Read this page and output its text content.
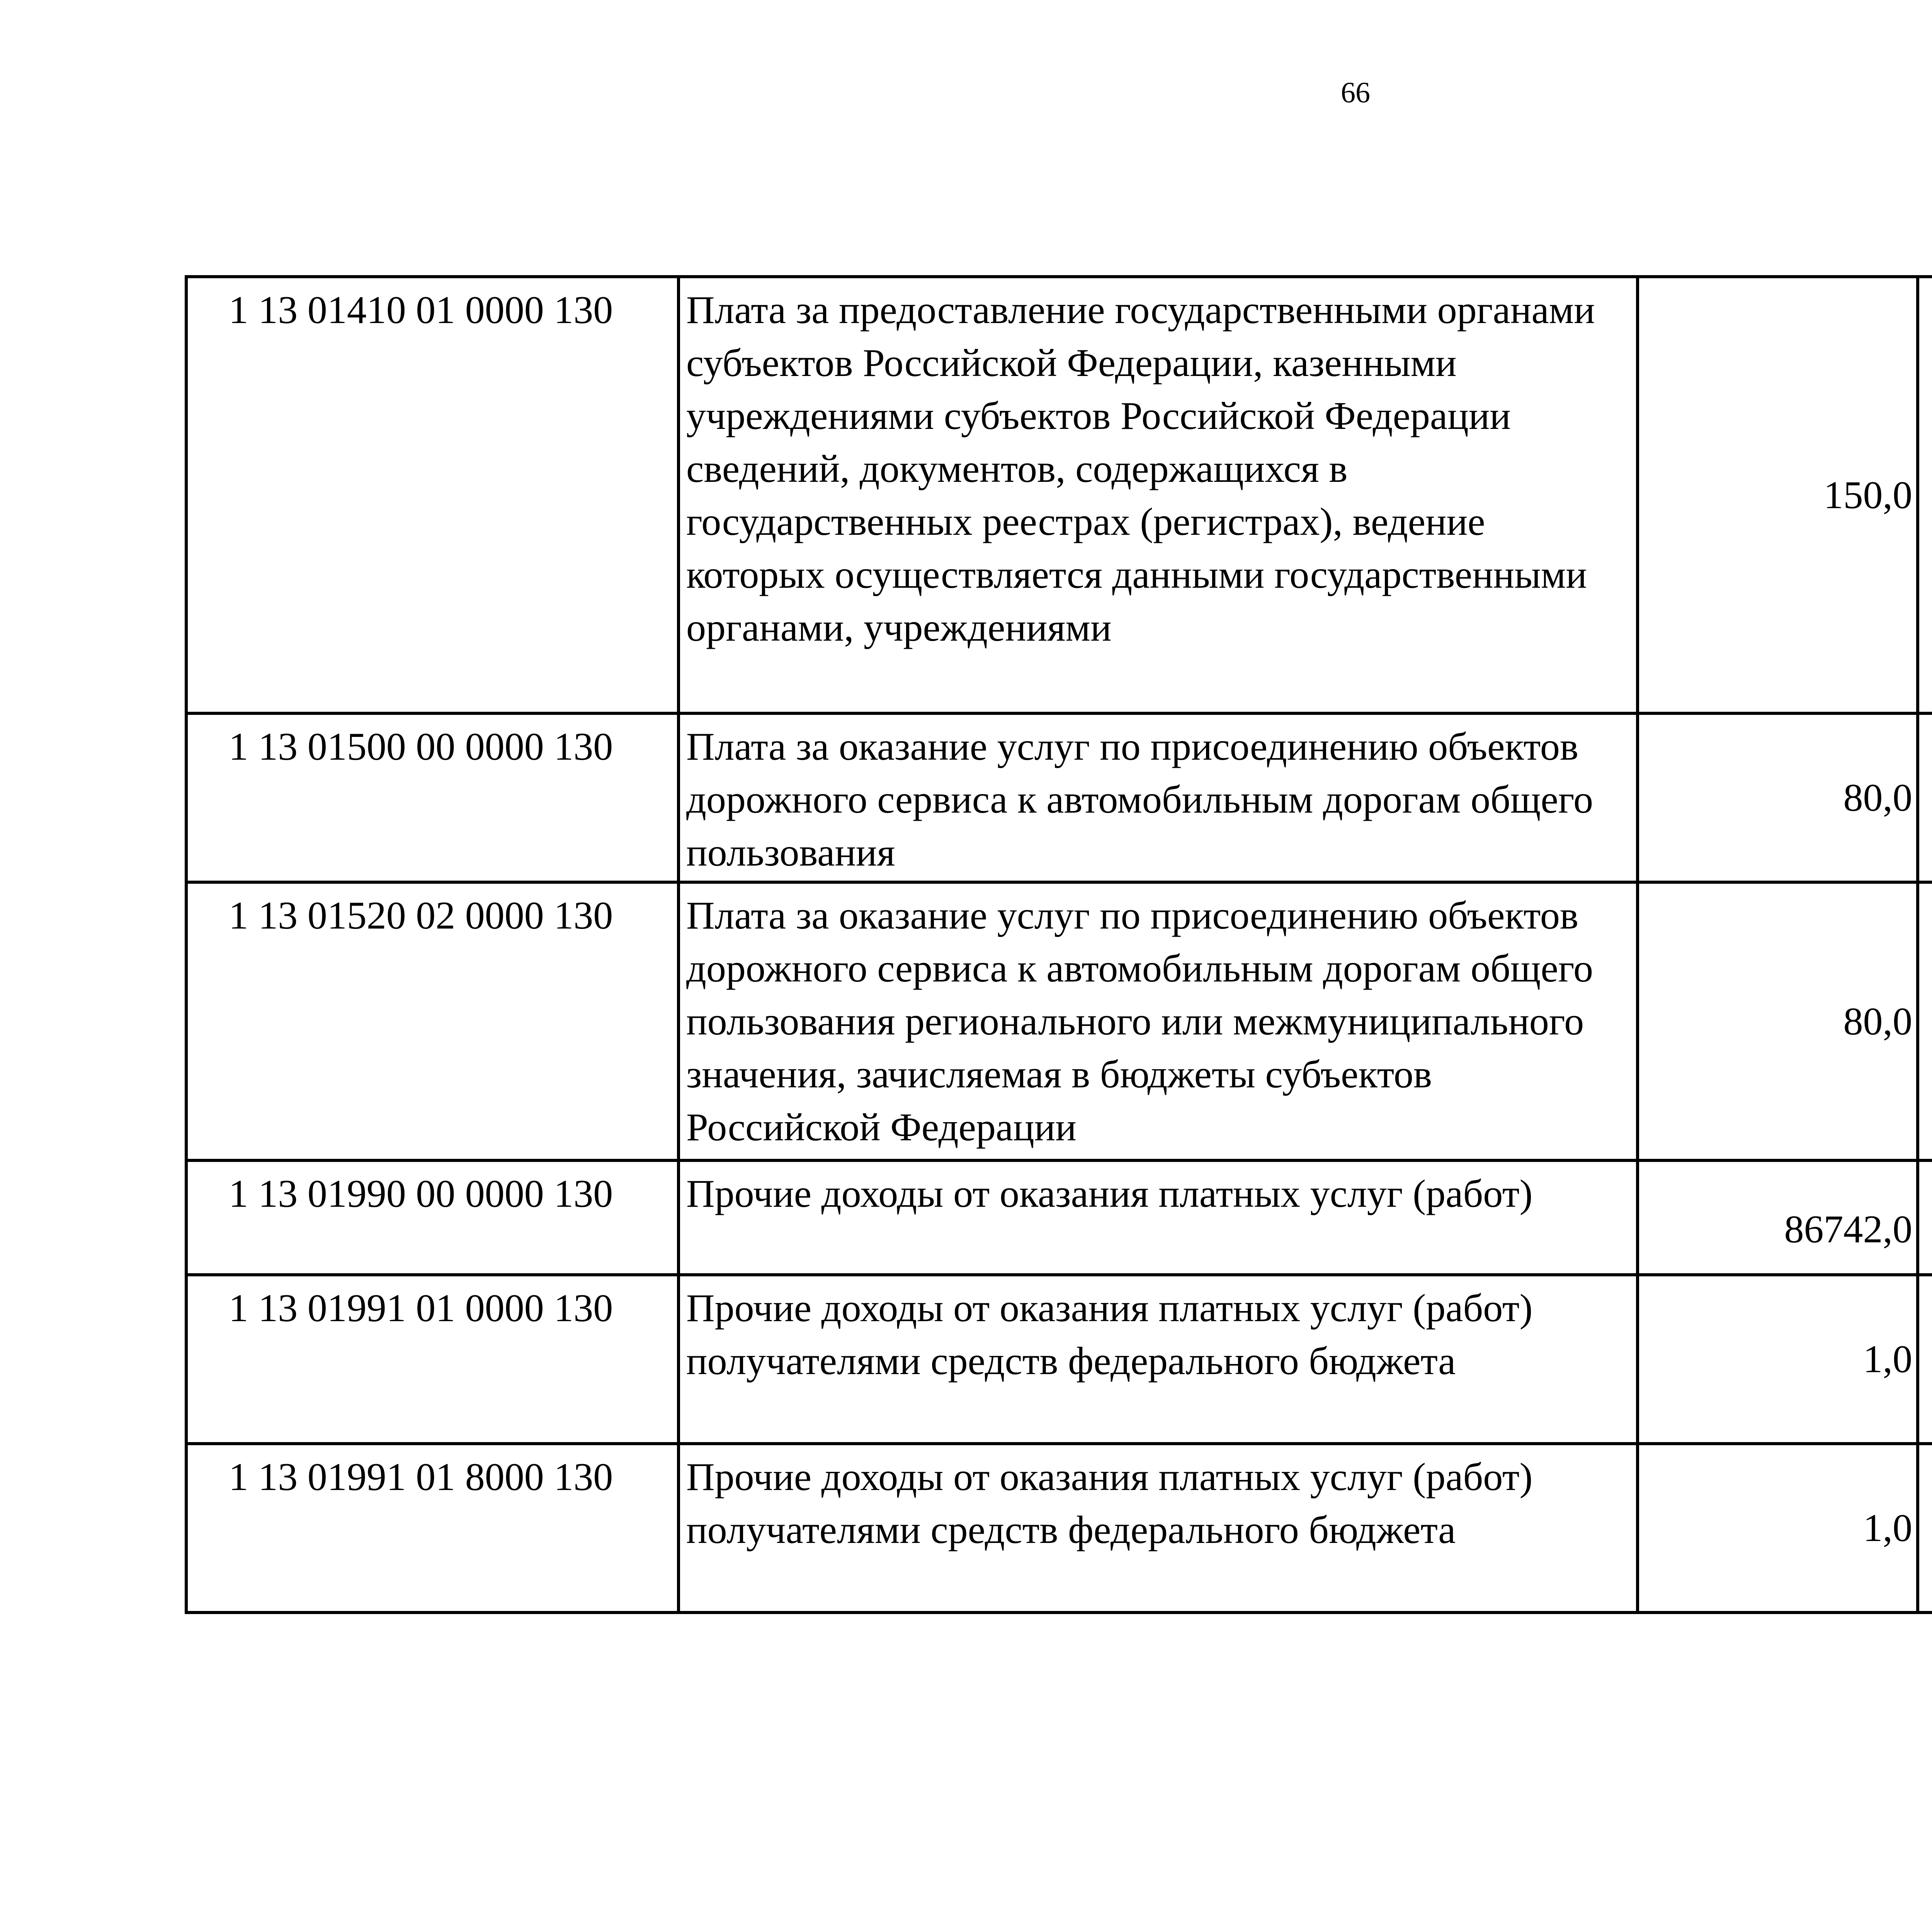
66
1 13 01410 01 0000 130	Плата за предоставление государственными органами субъектов Российской Федерации, казенными учреждениями субъектов Российской Федерации сведений, документов, содержащихся в государственных реестрах (регистрах), ведение которых осуществляется данными государственными органами, учреждениями	150,0		
1 13 01500 00 0000 130	Плата за оказание услуг по присоединению объектов дорожного сервиса к автомобильным дорогам общего пользования	80,0		
1 13 01520 02 0000 130	Плата за оказание услуг по присоединению объектов дорожного сервиса к автомобильным дорогам общего пользования регионального или межмуниципального значения, зачисляемая в бюджеты субъектов Российской Федерации	80,0		
1 13 01990 00 0000 130	Прочие доходы от оказания платных услуг (работ)	86742,0		
1 13 01991 01 0000 130	Прочие доходы от оказания платных услуг (работ) получателями средств федерального бюджета	1,0		
1 13 01991 01 8000 130	Прочие доходы от оказания платных услуг (работ) получателями средств федерального бюджета	1,0		
